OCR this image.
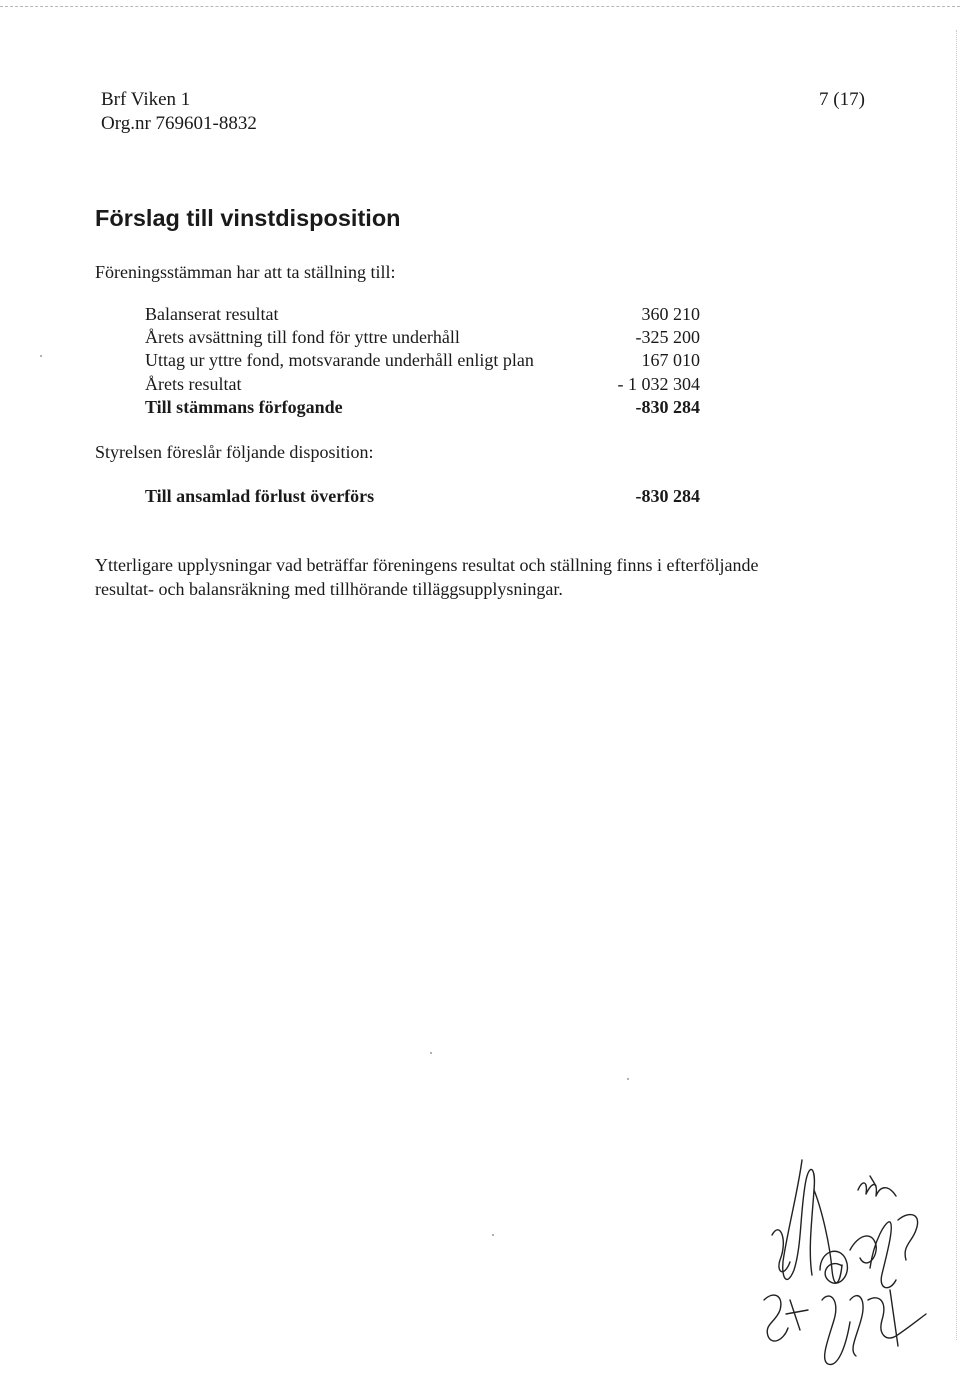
Brf Viken 1
Org.nr 769601-8832
7 (17)
Förslag till vinstdisposition
Föreningsstämman har att ta ställning till:
Balanserat resultat	360 210
Årets avsättning till fond för yttre underhåll	-325 200
Uttag ur yttre fond, motsvarande underhåll enligt plan	167 010
Årets resultat	- 1 032 304
Till stämmans förfogande	-830 284
Styrelsen föreslår följande disposition:
Till ansamlad förlust överförs	-830 284
Ytterligare upplysningar vad beträffar föreningens resultat och ställning finns i efterföljande
resultat- och balansräkning med tillhörande tilläggsupplysningar.
